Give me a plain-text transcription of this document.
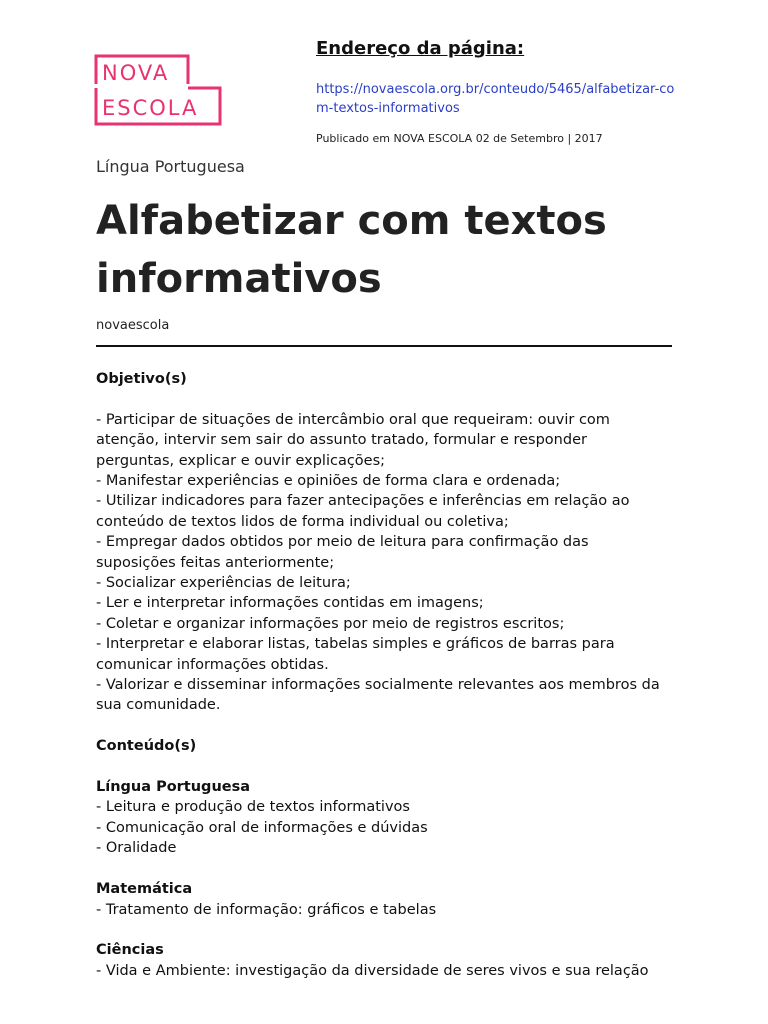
NOVA
ESCOLA
Endereço da página:
https://novaescola.org.br/conteudo/5465/alfabetizar-com-textos-informativos
Publicado em NOVA ESCOLA 02 de Setembro | 2017
Língua Portuguesa
Alfabetizar com textos informativos
novaescola
Objetivo(s)
- Participar de situações de intercâmbio oral que requeiram: ouvir com
atenção, intervir sem sair do assunto tratado, formular e responder
perguntas, explicar e ouvir explicações;
- Manifestar experiências e opiniões de forma clara e ordenada;
- Utilizar indicadores para fazer antecipações e inferências em relação ao
conteúdo de textos lidos de forma individual ou coletiva;
- Empregar dados obtidos por meio de leitura para confirmação das
suposições feitas anteriormente;
- Socializar experiências de leitura;
- Ler e interpretar informações contidas em imagens;
- Coletar e organizar informações por meio de registros escritos;
- Interpretar e elaborar listas, tabelas simples e gráficos de barras para
comunicar informações obtidas.
- Valorizar e disseminar informações socialmente relevantes aos membros da
sua comunidade.
Conteúdo(s)
Língua Portuguesa
- Leitura e produção de textos informativos
- Comunicação oral de informações e dúvidas
- Oralidade
Matemática
- Tratamento de informação: gráficos e tabelas
Ciências
- Vida e Ambiente: investigação da diversidade de seres vivos e sua relação
